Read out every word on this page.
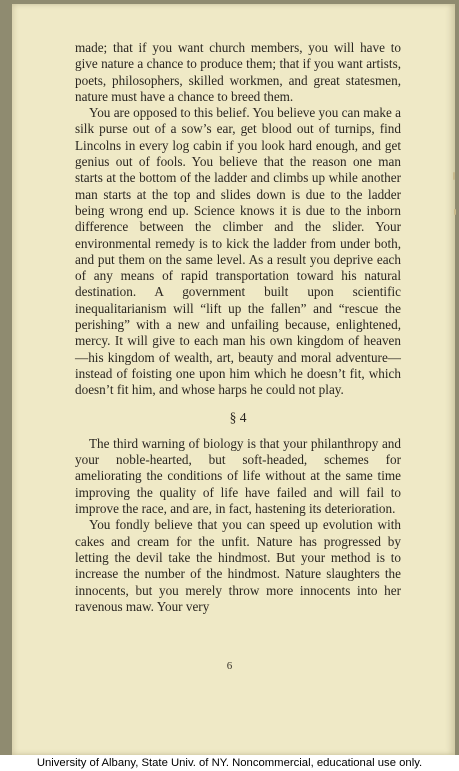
made; that if you want church members, you will have to give nature a chance to produce them; that if you want artists, poets, philosophers, skilled workmen, and great statesmen, nature must have a chance to breed them.

You are opposed to this belief. You believe you can make a silk purse out of a sow’s ear, get blood out of turnips, find Lincolns in every log cabin if you look hard enough, and get genius out of fools. You believe that the reason one man starts at the bottom of the ladder and climbs up while another man starts at the top and slides down is due to the ladder being wrong end up. Science knows it is due to the inborn difference between the climber and the slider. Your environmental remedy is to kick the ladder from under both, and put them on the same level. As a result you deprive each of any means of rapid transportation toward his natural destination. A government built upon scientific inequalitarianism will “lift up the fallen” and “rescue the perishing” with a new and unfailing because, enlightened, mercy. It will give to each man his own kingdom of heaven—his kingdom of wealth, art, beauty and moral adventure—instead of foisting one upon him which he doesn’t fit, which doesn’t fit him, and whose harps he could not play.

§ 4

The third warning of biology is that your philanthropy and your noble-hearted, but soft-headed, schemes for ameliorating the conditions of life without at the same time improving the quality of life have failed and will fail to improve the race, and are, in fact, hastening its deterioration.

You fondly believe that you can speed up evolution with cakes and cream for the unfit. Nature has progressed by letting the devil take the hindmost. But your method is to increase the number of the hindmost. Nature slaughters the innocents, but you merely throw more innocents into her ravenous maw. Your very

6
University of Albany, State Univ. of NY. Noncommercial, educational use only.
